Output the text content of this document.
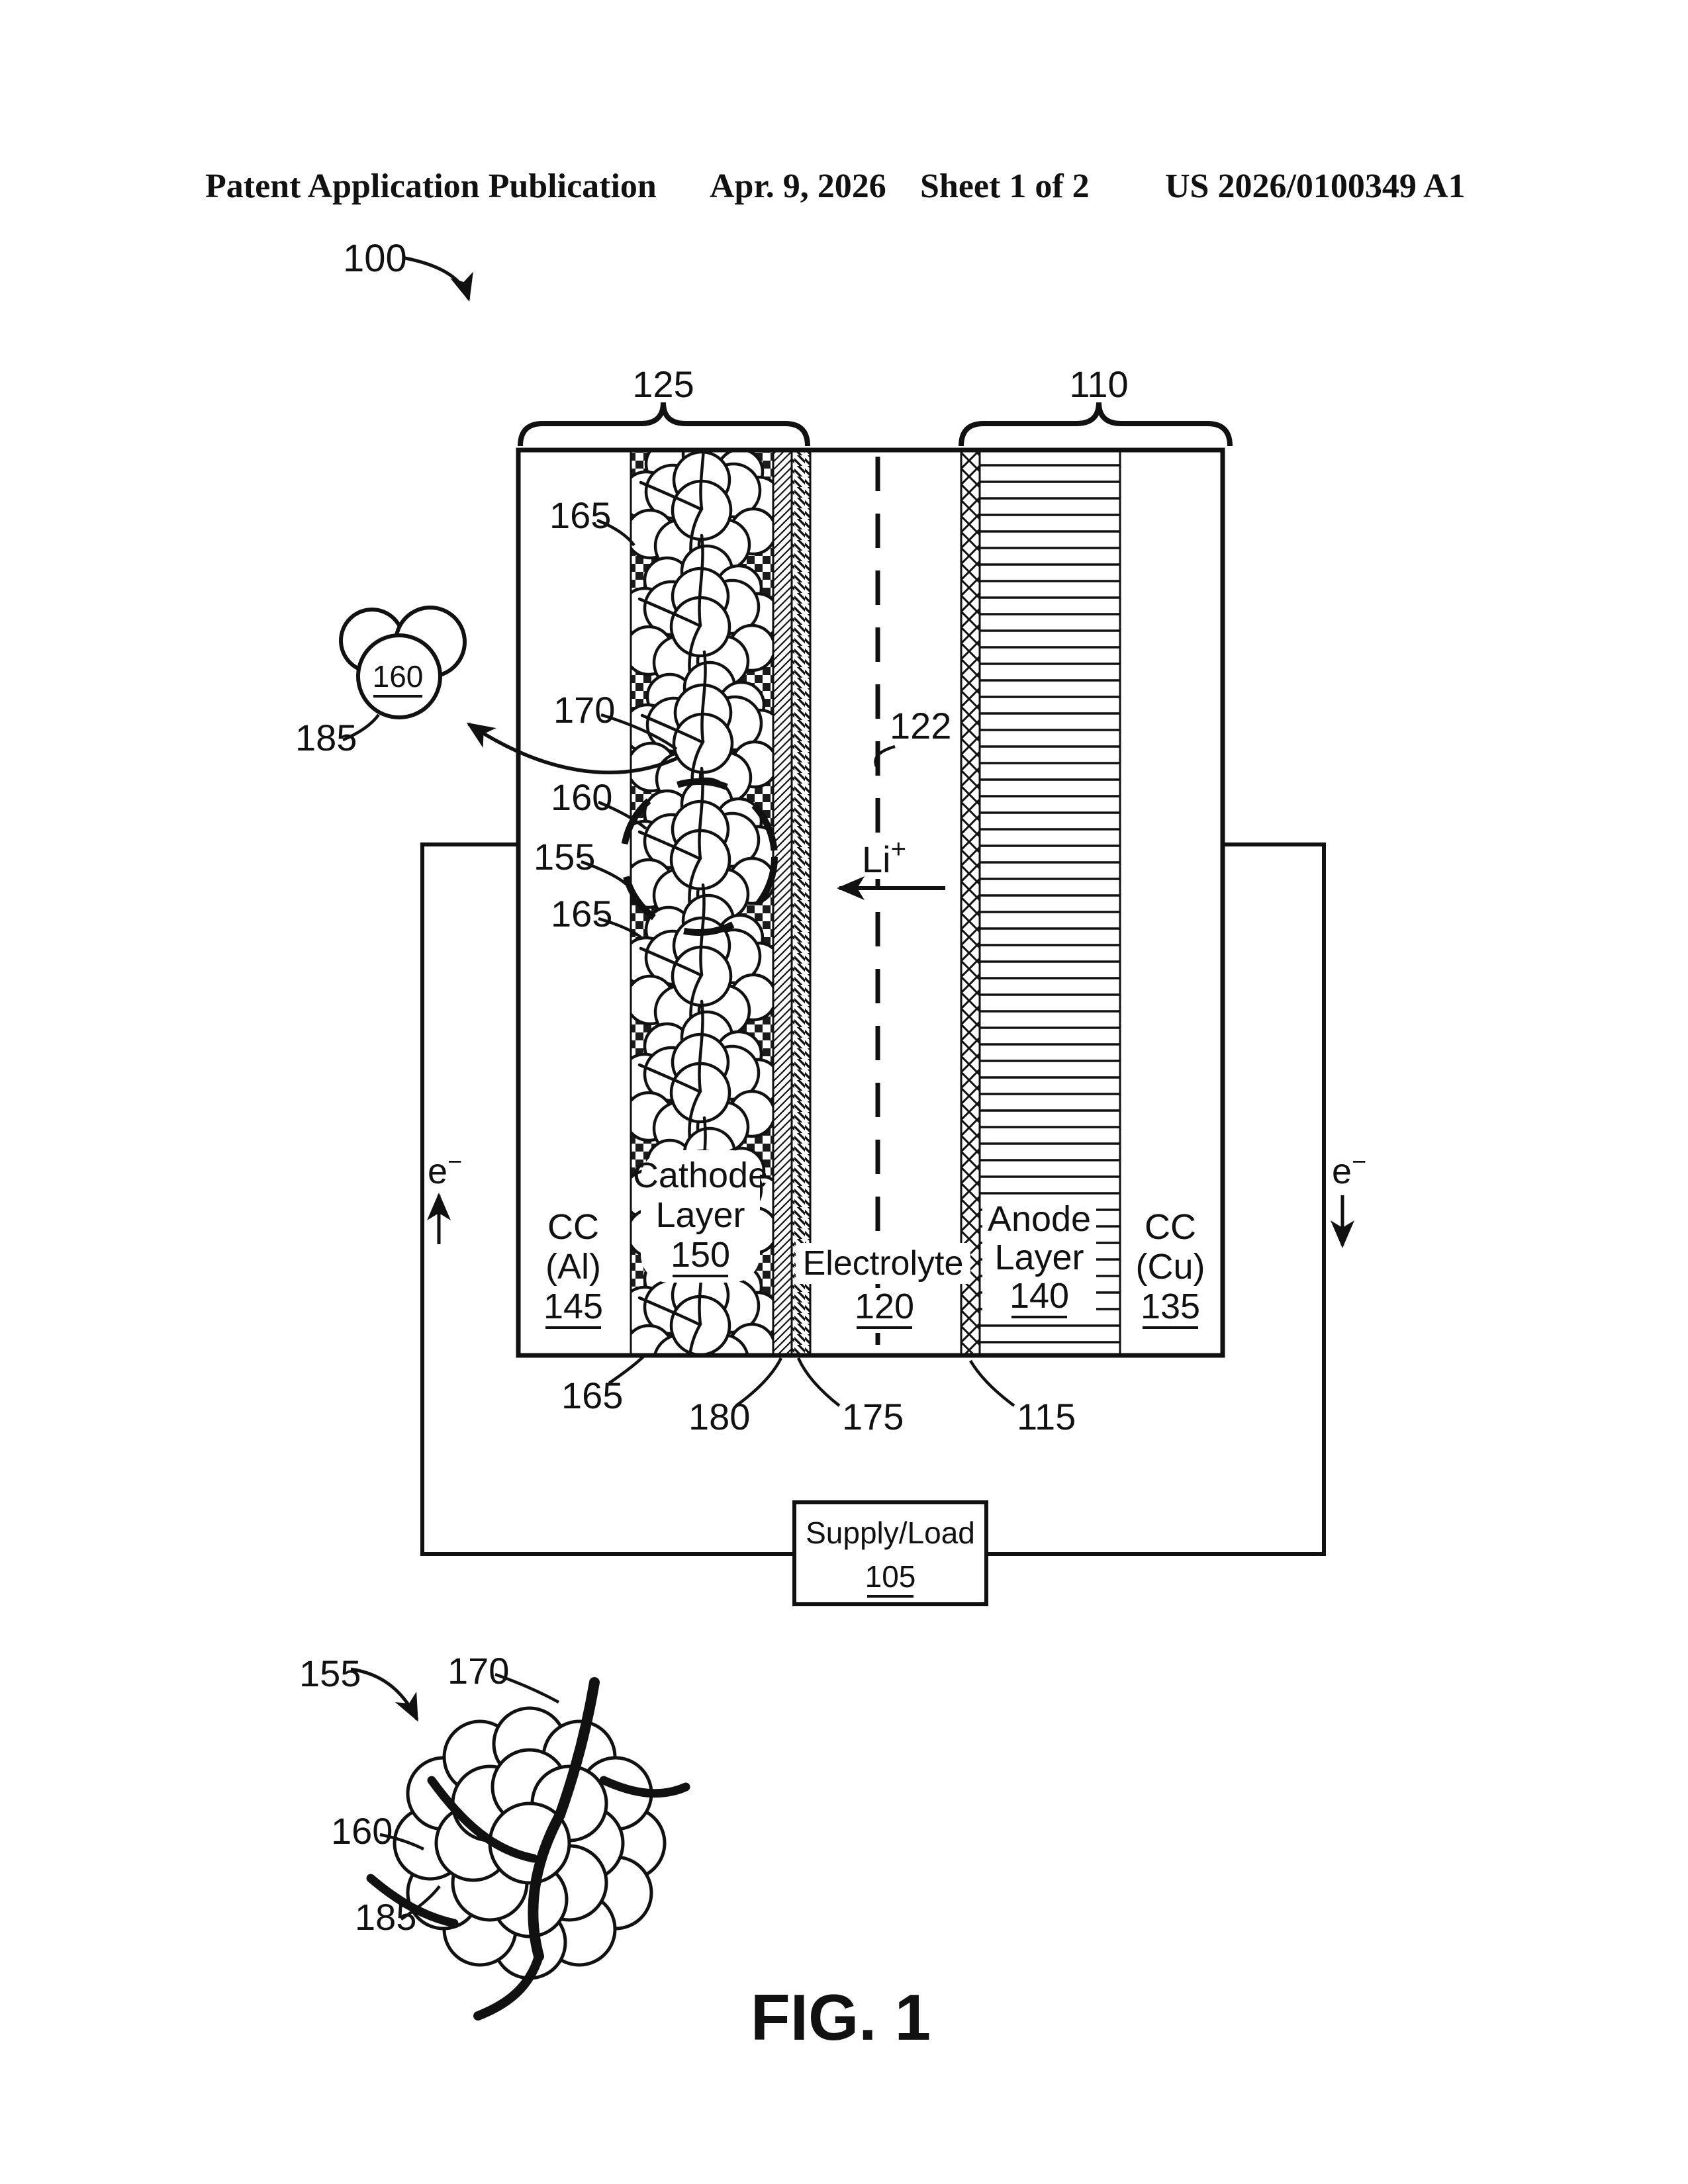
Patent Application Publication Apr. 9, 2026 Sheet 1 of 2 US 2026/0100349 A1
100
125	110
CC
(Al)
145
Cathode
Layer
150 Electrolyte
120
Anode
Layer
140
CC
(Cu)
135
Li+
122
e−	e−
Supply/Load
105
165
170
160
155
165
165
180 175	115
160
185
155 170
160
185
FIG. 1
